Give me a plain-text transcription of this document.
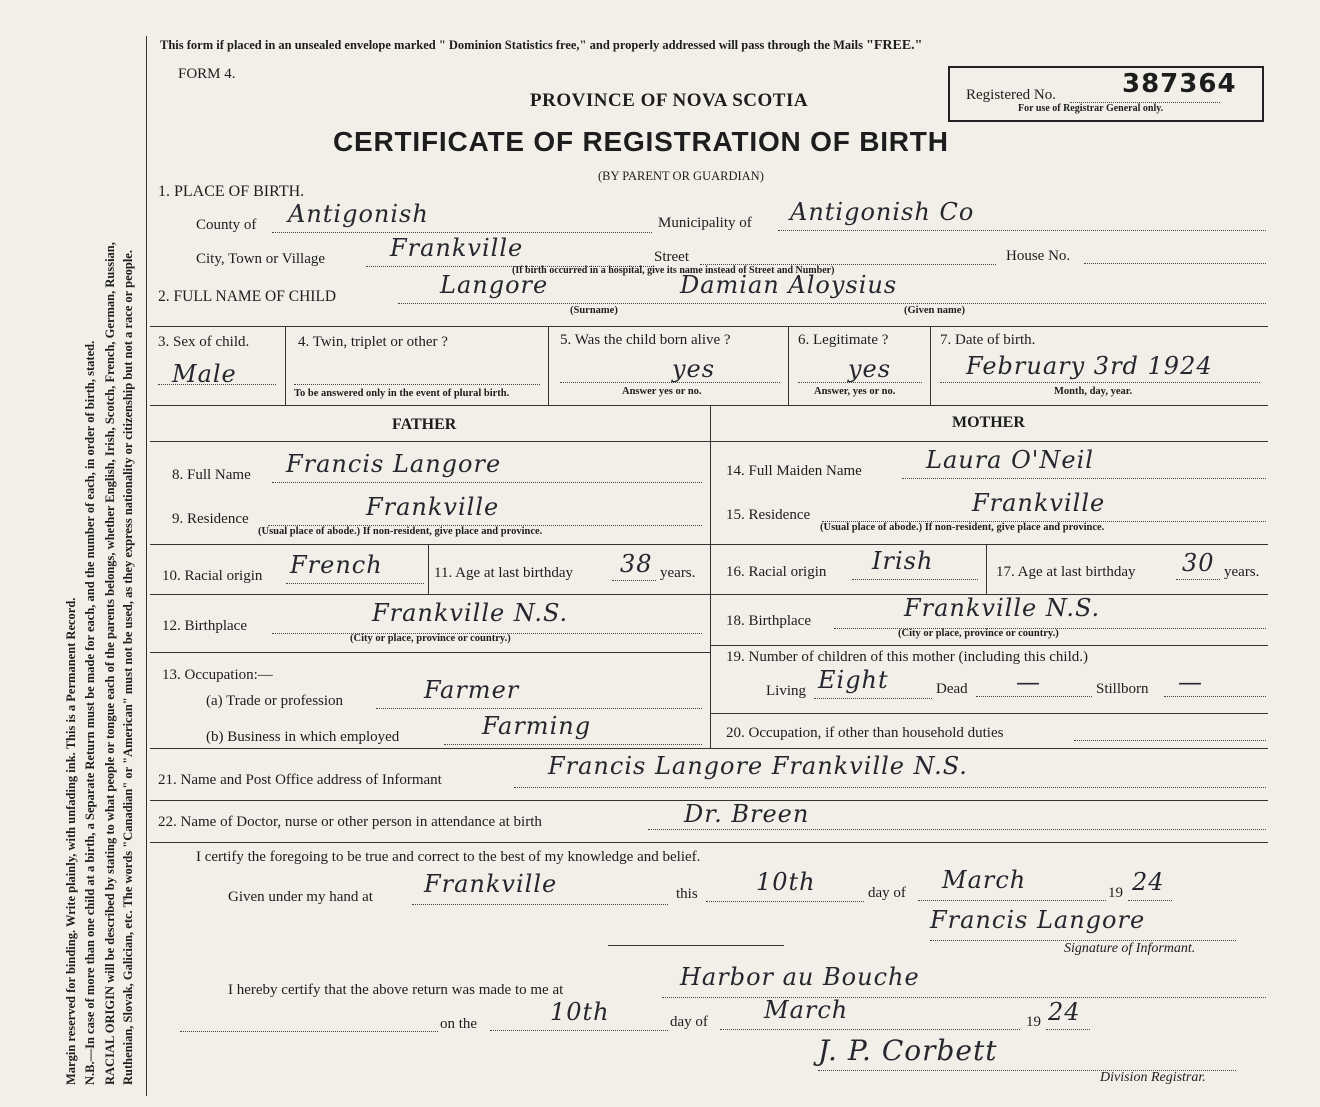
Margin reserved for binding. Write plainly, with unfading ink. This is a Permanent Record. N.B.—In case of more than one child at a birth, a Separate Return must be made for each, and the number of each, in order of birth, stated. RACIAL ORIGIN will be described by stating to what people or tongue each of the parents belongs, whether English, Irish, Scotch, French, German, Russian, Ruthenian, Slovak, Galician, etc. The words "Canadian" or "American" must not be used, as they express nationality or citizenship but not a race or people.
This form if placed in an unsealed envelope marked " Dominion Statistics free," and properly addressed will pass through the Mails "FREE."
FORM 4.
PROVINCE OF NOVA SCOTIA
CERTIFICATE OF REGISTRATION OF BIRTH
(BY PARENT OR GUARDIAN)
Registered No.	387364
For use of Registrar General only.
1. PLACE OF BIRTH.
County of Antigonish	Municipality of Antigonish Co
City, Town or Village	Frankville	Street
(If birth occurred in a hospital, give its name instead of Street and Number)
House No.
2. FULL NAME OF CHILD	Langore	Damian Aloysius
(Surname)	(Given name)
3. Sex of child.
Male
4. Twin, triplet or other ?
To be answered only in the event of plural birth.
5. Was the child born alive ?
yes
Answer yes or no.
6. Legitimate ?
yes
Answer, yes or no.
7. Date of birth.
February 3rd 1924
Month, day, year.
FATHER	MOTHER
8. Full Name Francis Langore
9. Residence	Frankville
(Usual place of abode.) If non-resident, give place and province.
10. Racial origin French	11. Age at last birthday 38 years.
12. Birthplace	Frankville N.S.
(City or place, province or country.)
13. Occupation:—
(a) Trade or profession	Farmer
(b) Business in which employed	Farming
14. Full Maiden Name	Laura O'Neil
15. Residence	Frankville
(Usual place of abode.) If non-resident, give place and province.
16. Racial origin Irish	17. Age at last birthday 30 years.
18. Birthplace	Frankville N.S.
(City or place, province or country.)
19. Number of children of this mother (including this child.)
Living Eight	Dead —	Stillborn —
20. Occupation, if other than household duties
21. Name and Post Office address of Informant	Francis Langore Frankville N.S.
22. Name of Doctor, nurse or other person in attendance at birth	Dr. Breen
I certify the foregoing to be true and correct to the best of my knowledge and belief.
Given under my hand at Frankville	this 10th	day of March	19 24
Francis Langore
Signature of Informant.
I hereby certify that the above return was made to me at	Harbor au Bouche
on the	10th	day of March	19 24
J. P. Corbett
Division Registrar.
